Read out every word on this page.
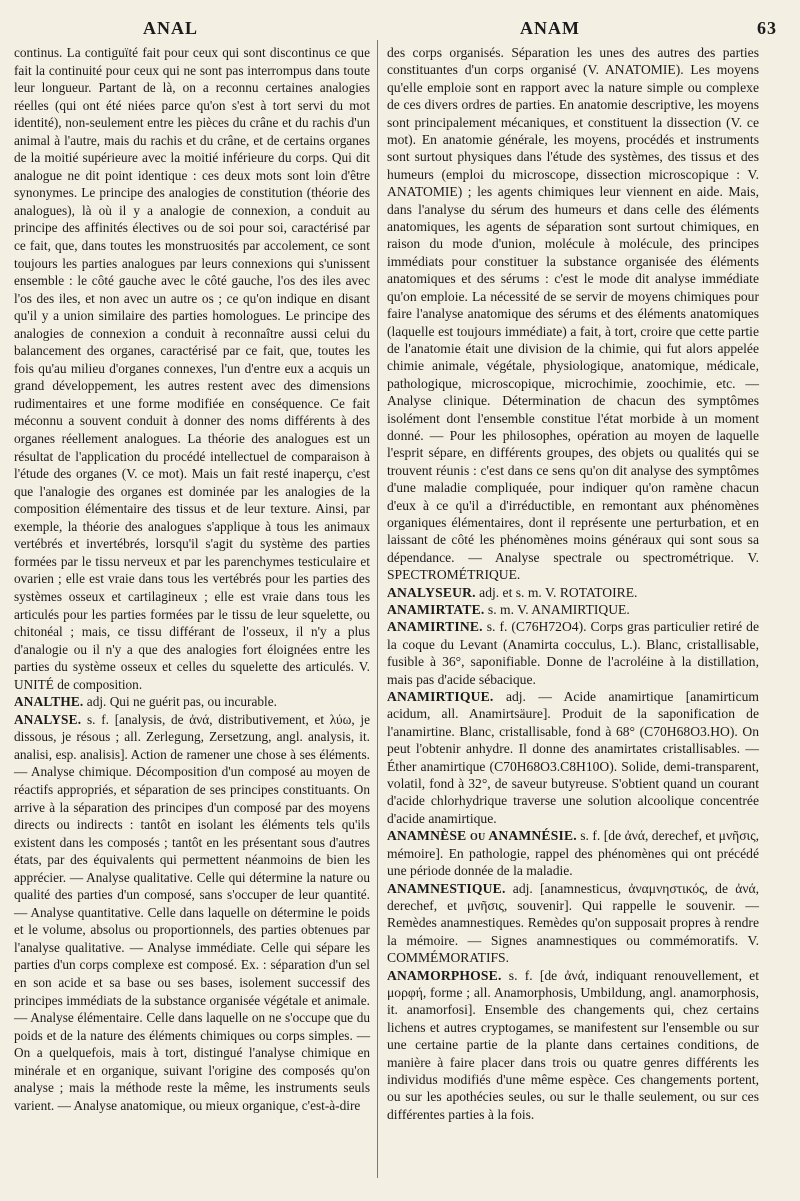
ANAL	ANAM	63

continus. La contiguïté fait pour ceux qui sont discontinus ce que fait la continuité pour ceux qui ne sont pas interrompus dans toute leur longueur. Partant de là, on a reconnu certaines analogies réelles (qui ont été niées parce qu'on s'est à tort servi du mot identité), non-seulement entre les pièces du crâne et du rachis d'un animal à l'autre, mais du rachis et du crâne, et de certains organes de la moitié supérieure avec la moitié inférieure du corps. Qui dit analogue ne dit point identique : ces deux mots sont loin d'être synonymes. Le principe des analogies de constitution (théorie des analogues), là où il y a analogie de connexion, a conduit au principe des affinités électives ou de soi pour soi, caractérisé par ce fait, que, dans toutes les monstruosités par accolement, ce sont toujours les parties analogues par leurs connexions qui s'unissent ensemble : le côté gauche avec le côté gauche, l'os des iles avec l'os des iles, et non avec un autre os ; ce qu'on indique en disant qu'il y a union similaire des parties homologues. Le principe des analogies de connexion a conduit à reconnaître aussi celui du balancement des organes, caractérisé par ce fait, que, toutes les fois qu'au milieu d'organes connexes, l'un d'entre eux a acquis un grand développement, les autres restent avec des dimensions rudimentaires et une forme modifiée en conséquence. Ce fait méconnu a souvent conduit à donner des noms différents à des organes réellement analogues. La théorie des analogues est un résultat de l'application du procédé intellectuel de comparaison à l'étude des organes (V. ce mot). Mais un fait resté inaperçu, c'est que l'analogie des organes est dominée par les analogies de la composition élémentaire des tissus et de leur texture. Ainsi, par exemple, la théorie des analogues s'applique à tous les animaux vertébrés et invertébrés, lorsqu'il s'agit du système des parties formées par le tissu nerveux et par les parenchymes testiculaire et ovarien ; elle est vraie dans tous les vertébrés pour les parties des systèmes osseux et cartilagineux ; elle est vraie dans tous les articulés pour les parties formées par le tissu de leur squelette, ou chitonéal ; mais, ce tissu différant de l'osseux, il n'y a plus d'analogie ou il n'y a que des analogies fort éloignées entre les parties du système osseux et celles du squelette des articulés. V. UNITÉ de composition.

ANALTHE. adj. Qui ne guérit pas, ou incurable.

ANALYSE. s. f. [analysis, de ἀνά, distributivement, et λύω, je dissous, je résous ; all. Zerlegung, Zersetzung, angl. analysis, it. analisi, esp. analisis]. Action de ramener une chose à ses éléments. — Analyse chimique. Décomposition d'un composé au moyen de réactifs appropriés, et séparation de ses principes constituants. On arrive à la séparation des principes d'un composé par des moyens directs ou indirects : tantôt en isolant les éléments tels qu'ils existent dans les composés ; tantôt en les présentant sous d'autres états, par des équivalents qui permettent néanmoins de bien les apprécier. — Analyse qualitative. Celle qui détermine la nature ou qualité des parties d'un composé, sans s'occuper de leur quantité. — Analyse quantitative. Celle dans laquelle on détermine le poids et le volume, absolus ou proportionnels, des parties obtenues par l'analyse qualitative. — Analyse immédiate. Celle qui sépare les parties d'un corps complexe est composé. Ex. : séparation d'un sel en son acide et sa base ou ses bases, isolement successif des principes immédiats de la substance organisée végétale et animale. — Analyse élémentaire. Celle dans laquelle on ne s'occupe que du poids et de la nature des éléments chimiques ou corps simples. — On a quelquefois, mais à tort, distingué l'analyse chimique en minérale et en organique, suivant l'origine des composés qu'on analyse ; mais la méthode reste la même, les instruments seuls varient. — Analyse anatomique, ou mieux organique, c'est-à-dire

des corps organisés. Séparation les unes des autres des parties constituantes d'un corps organisé (V. ANATOMIE). Les moyens qu'elle emploie sont en rapport avec la nature simple ou complexe de ces divers ordres de parties. En anatomie descriptive, les moyens sont principalement mécaniques, et constituent la dissection (V. ce mot). En anatomie générale, les moyens, procédés et instruments sont surtout physiques dans l'étude des systèmes, des tissus et des humeurs (emploi du microscope, dissection microscopique : V. ANATOMIE) ; les agents chimiques leur viennent en aide. Mais, dans l'analyse du sérum des humeurs et dans celle des éléments anatomiques, les agents de séparation sont surtout chimiques, en raison du mode d'union, molécule à molécule, des principes immédiats pour constituer la substance organisée des éléments anatomiques et des sérums : c'est le mode dit analyse immédiate qu'on emploie. La nécessité de se servir de moyens chimiques pour faire l'analyse anatomique des sérums et des éléments anatomiques (laquelle est toujours immédiate) a fait, à tort, croire que cette partie de l'anatomie était une division de la chimie, qui fut alors appelée chimie animale, végétale, physiologique, anatomique, médicale, pathologique, microscopique, microchimie, zoochimie, etc. — Analyse clinique. Détermination de chacun des symptômes isolément dont l'ensemble constitue l'état morbide à un moment donné. — Pour les philosophes, opération au moyen de laquelle l'esprit sépare, en différents groupes, des objets ou qualités qui se trouvent réunis : c'est dans ce sens qu'on dit analyse des symptômes d'une maladie compliquée, pour indiquer qu'on ramène chacun d'eux à ce qu'il a d'irréductible, en remontant aux phénomènes organiques élémentaires, dont il représente une perturbation, et en laissant de côté les phénomènes moins généraux qui sont sous sa dépendance. — Analyse spectrale ou spectrométrique. V. SPECTROMÉTRIQUE.

ANALYSEUR. adj. et s. m. V. ROTATOIRE.

ANAMIRTATE. s. m. V. ANAMIRTIQUE.

ANAMIRTINE. s. f. (C76H72O4). Corps gras particulier retiré de la coque du Levant (Anamirta cocculus, L.). Blanc, cristallisable, fusible à 36°, saponifiable. Donne de l'acroléine à la distillation, mais pas d'acide sébacique.

ANAMIRTIQUE. adj. — Acide anamirtique [anamirticum acidum, all. Anamirtsäure]. Produit de la saponification de l'anamirtine. Blanc, cristallisable, fond à 68° (C70H68O3.HO). On peut l'obtenir anhydre. Il donne des anamirtates cristallisables. — Éther anamirtique (C70H68O3.C8H10O). Solide, demi-transparent, volatil, fond à 32°, de saveur butyreuse. S'obtient quand un courant d'acide chlorhydrique traverse une solution alcoolique concentrée d'acide anamirtique.

ANAMNÈSE ou ANAMNÉSIE. s. f. [de ἀνά, derechef, et μνῆσις, mémoire]. En pathologie, rappel des phénomènes qui ont précédé une période donnée de la maladie.

ANAMNESTIQUE. adj. [anamnesticus, ἀναμνηστικός, de ἀνά, derechef, et μνῆσις, souvenir]. Qui rappelle le souvenir. — Remèdes anamnestiques. Remèdes qu'on supposait propres à rendre la mémoire. — Signes anamnestiques ou commémoratifs. V. COMMÉMORATIFS.

ANAMORPHOSE. s. f. [de ἀνά, indiquant renouvellement, et μορφή, forme ; all. Anamorphosis, Umbildung, angl. anamorphosis, it. anamorfosi]. Ensemble des changements qui, chez certains lichens et autres cryptogames, se manifestent sur l'ensemble ou sur une certaine partie de la plante dans certaines conditions, de manière à faire placer dans trois ou quatre genres différents les individus modifiés d'une même espèce. Ces changements portent, ou sur les apothécies seules, ou sur le thalle seulement, ou sur ces différentes parties à la fois.
